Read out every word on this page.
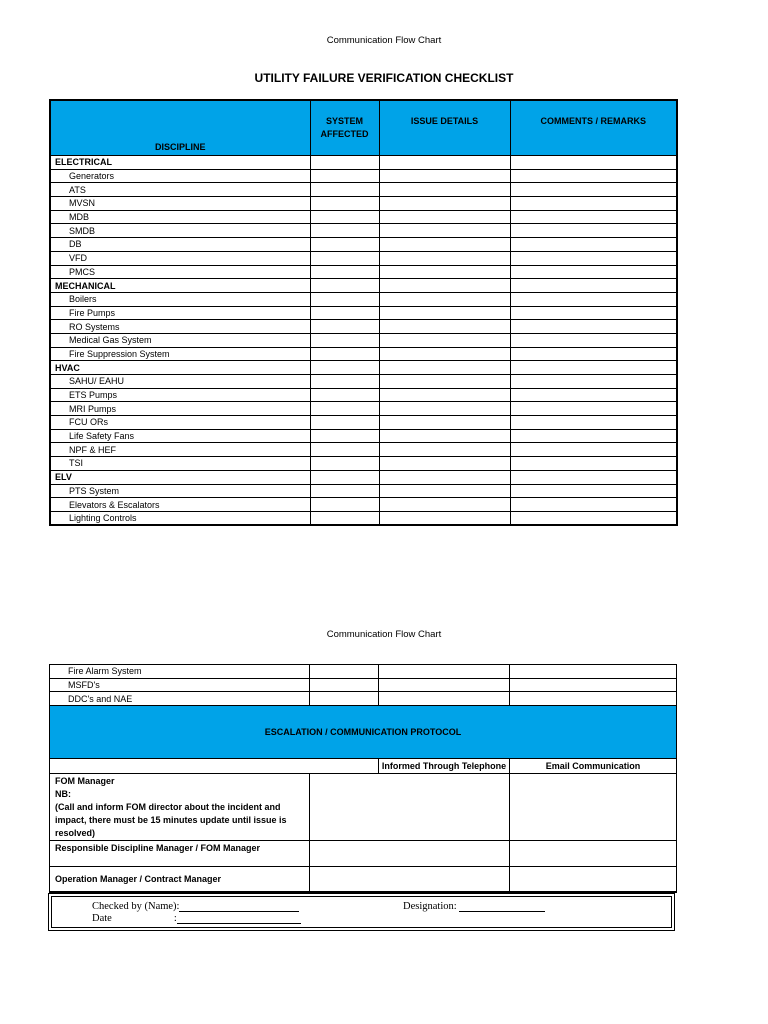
Communication Flow Chart
UTILITY FAILURE VERIFICATION CHECKLIST
DISCIPLINE	SYSTEM AFFECTED	ISSUE DETAILS	COMMENTS / REMARKS
ELECTRICAL			
Generators			
ATS			
MVSN			
MDB			
SMDB			
DB			
VFD			
PMCS			
MECHANICAL			
Boilers			
Fire Pumps			
RO Systems			
Medical Gas System			
Fire Suppression System			
HVAC			
SAHU/ EAHU			
ETS Pumps			
MRI Pumps			
FCU ORs			
Life Safety Fans			
NPF & HEF			
TSI			
ELV			
PTS System			
Elevators & Escalators			
Lighting Controls			
Communication Flow Chart
Fire Alarm System			
MSFD's			
DDC's and NAE			
ESCALATION / COMMUNICATION PROTOCOL			
		Informed Through Telephone	Email Communication

FOM Manager
NB:
(Call and inform FOM director about the incident and impact, there must be 15 minutes update until issue is resolved)			

Responsible Discipline Manager / FOM Manager			
Operation Manager / Contract Manager			
Checked by (Name):
Date	:
Designation:
